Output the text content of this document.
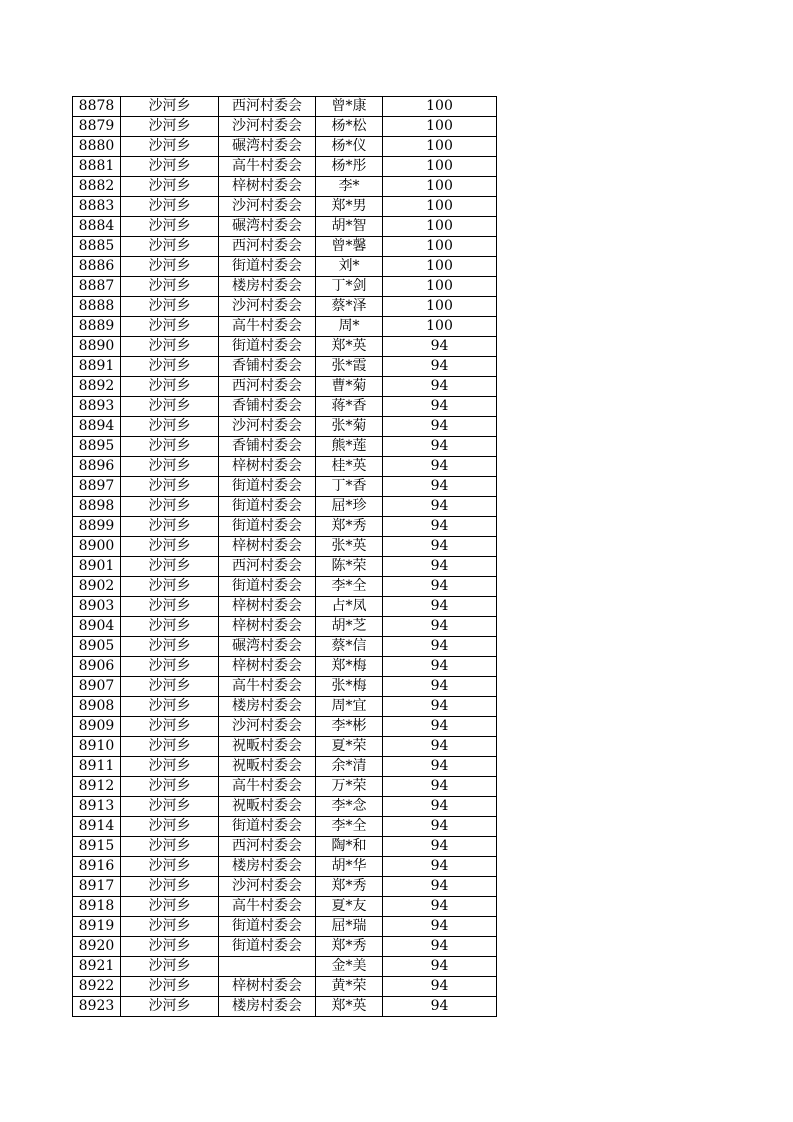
8878	沙河乡	西河村委会	曾*康	100
8879	沙河乡	沙河村委会	杨*松	100
8880	沙河乡	碾湾村委会	杨*仪	100
8881	沙河乡	高牛村委会	杨*彤	100
8882	沙河乡	梓树村委会	李*	100
8883	沙河乡	沙河村委会	郑*男	100
8884	沙河乡	碾湾村委会	胡*智	100
8885	沙河乡	西河村委会	曾*馨	100
8886	沙河乡	街道村委会	刘*	100
8887	沙河乡	楼房村委会	丁*剑	100
8888	沙河乡	沙河村委会	蔡*泽	100
8889	沙河乡	高牛村委会	周*	100
8890	沙河乡	街道村委会	郑*英	94
8891	沙河乡	香铺村委会	张*霞	94
8892	沙河乡	西河村委会	曹*菊	94
8893	沙河乡	香铺村委会	蒋*香	94
8894	沙河乡	沙河村委会	张*菊	94
8895	沙河乡	香铺村委会	熊*莲	94
8896	沙河乡	梓树村委会	桂*英	94
8897	沙河乡	街道村委会	丁*香	94
8898	沙河乡	街道村委会	屈*珍	94
8899	沙河乡	街道村委会	郑*秀	94
8900	沙河乡	梓树村委会	张*英	94
8901	沙河乡	西河村委会	陈*荣	94
8902	沙河乡	街道村委会	李*全	94
8903	沙河乡	梓树村委会	占*凤	94
8904	沙河乡	梓树村委会	胡*芝	94
8905	沙河乡	碾湾村委会	蔡*信	94
8906	沙河乡	梓树村委会	郑*梅	94
8907	沙河乡	高牛村委会	张*梅	94
8908	沙河乡	楼房村委会	周*宜	94
8909	沙河乡	沙河村委会	李*彬	94
8910	沙河乡	祝畈村委会	夏*荣	94
8911	沙河乡	祝畈村委会	余*清	94
8912	沙河乡	高牛村委会	万*荣	94
8913	沙河乡	祝畈村委会	李*念	94
8914	沙河乡	街道村委会	李*全	94
8915	沙河乡	西河村委会	陶*和	94
8916	沙河乡	楼房村委会	胡*华	94
8917	沙河乡	沙河村委会	郑*秀	94
8918	沙河乡	高牛村委会	夏*友	94
8919	沙河乡	街道村委会	屈*瑞	94
8920	沙河乡	街道村委会	郑*秀	94
8921	沙河乡		金*美	94
8922	沙河乡	梓树村委会	黄*荣	94
8923	沙河乡	楼房村委会	郑*英	94
